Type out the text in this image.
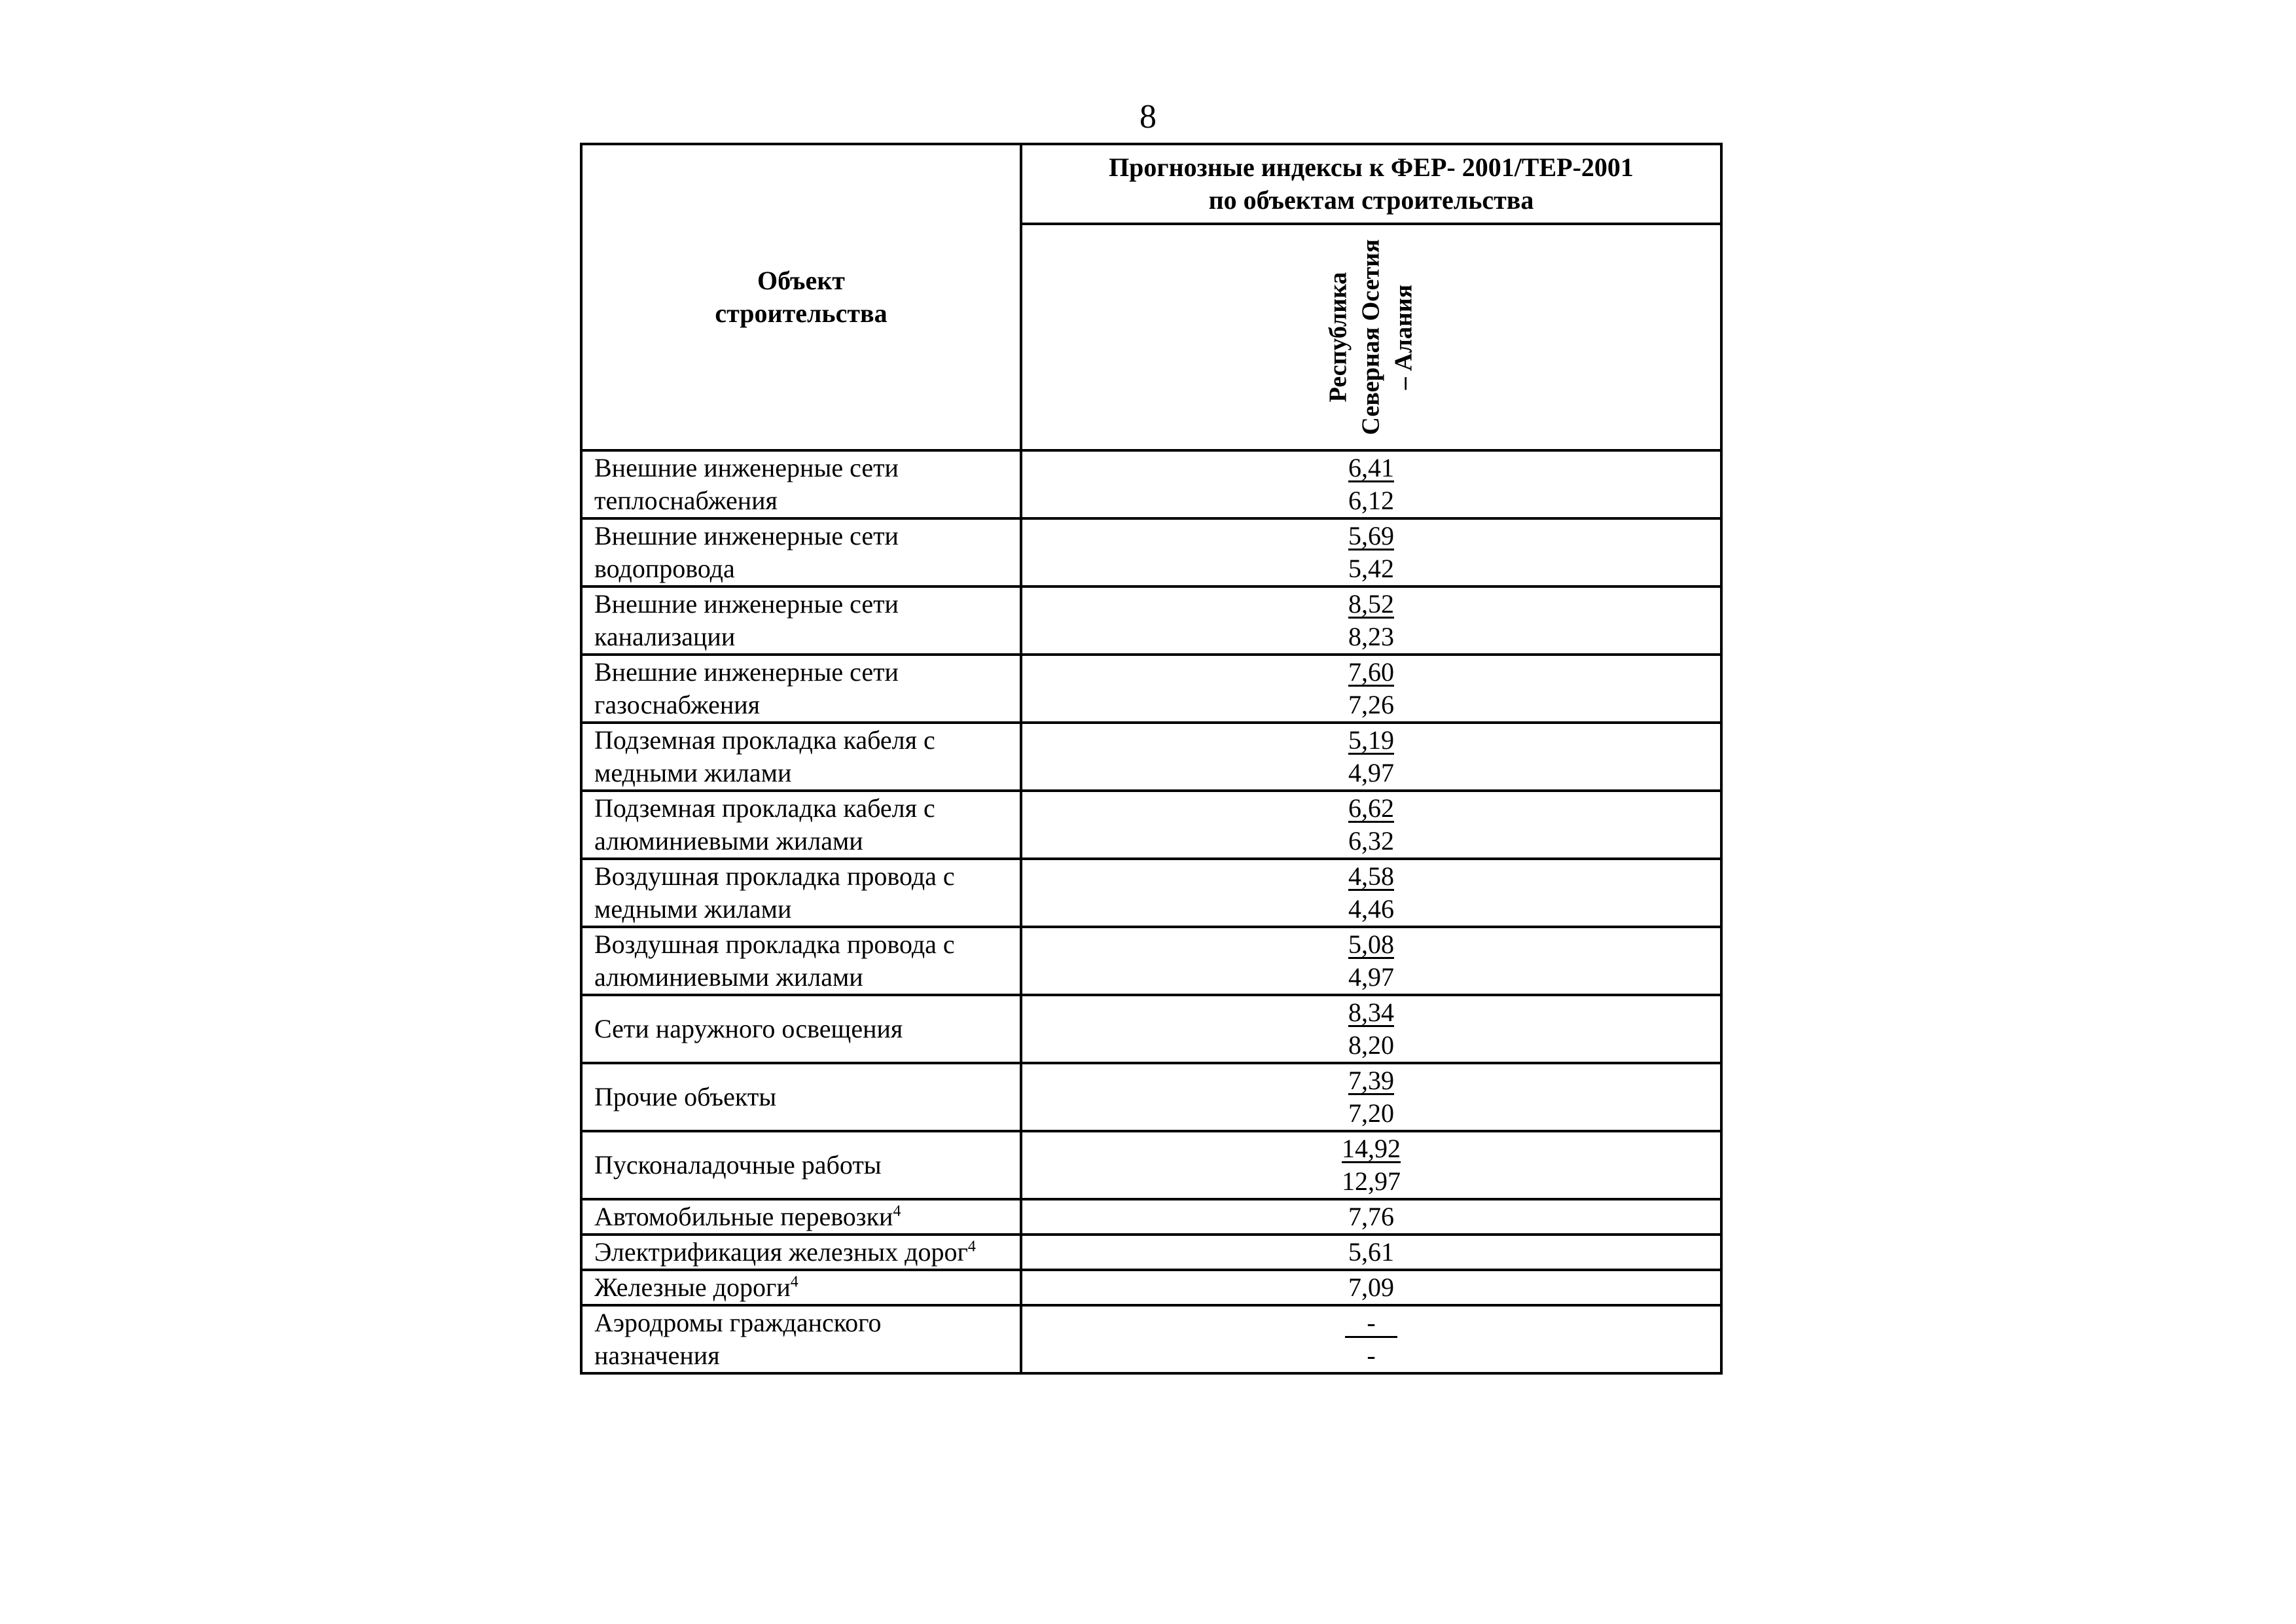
8
Объект
строительства	Прогнозные индексы к ФЕР- 2001/ТЕР-2001
по объектам строительства

	Республика Северная Осетия – Алания

Внешние инженерные сети
теплоснабжения	6,41
6,12

Внешние инженерные сети
водопровода	5,69
5,42

Внешние инженерные сети
канализации	8,52
8,23

Внешние инженерные сети
газоснабжения	7,60
7,26

Подземная прокладка кабеля с
медными жилами	5,19
4,97

Подземная прокладка кабеля с
алюминиевыми жилами	6,62
6,32

Воздушная прокладка провода с
медными жилами	4,58
4,46

Воздушная прокладка провода с
алюминиевыми жилами	5,08
4,97

Сети наружного освещения	8,34
8,20

Прочие объекты	7,39
7,20

Пусконаладочные работы	14,92
12,97

Автомобильные перевозки$^4$	7,76
Электрификация железных дорог$^4$	5,61
Железные дороги$^4$	7,09

Аэродромы гражданского
назначения	-
-
